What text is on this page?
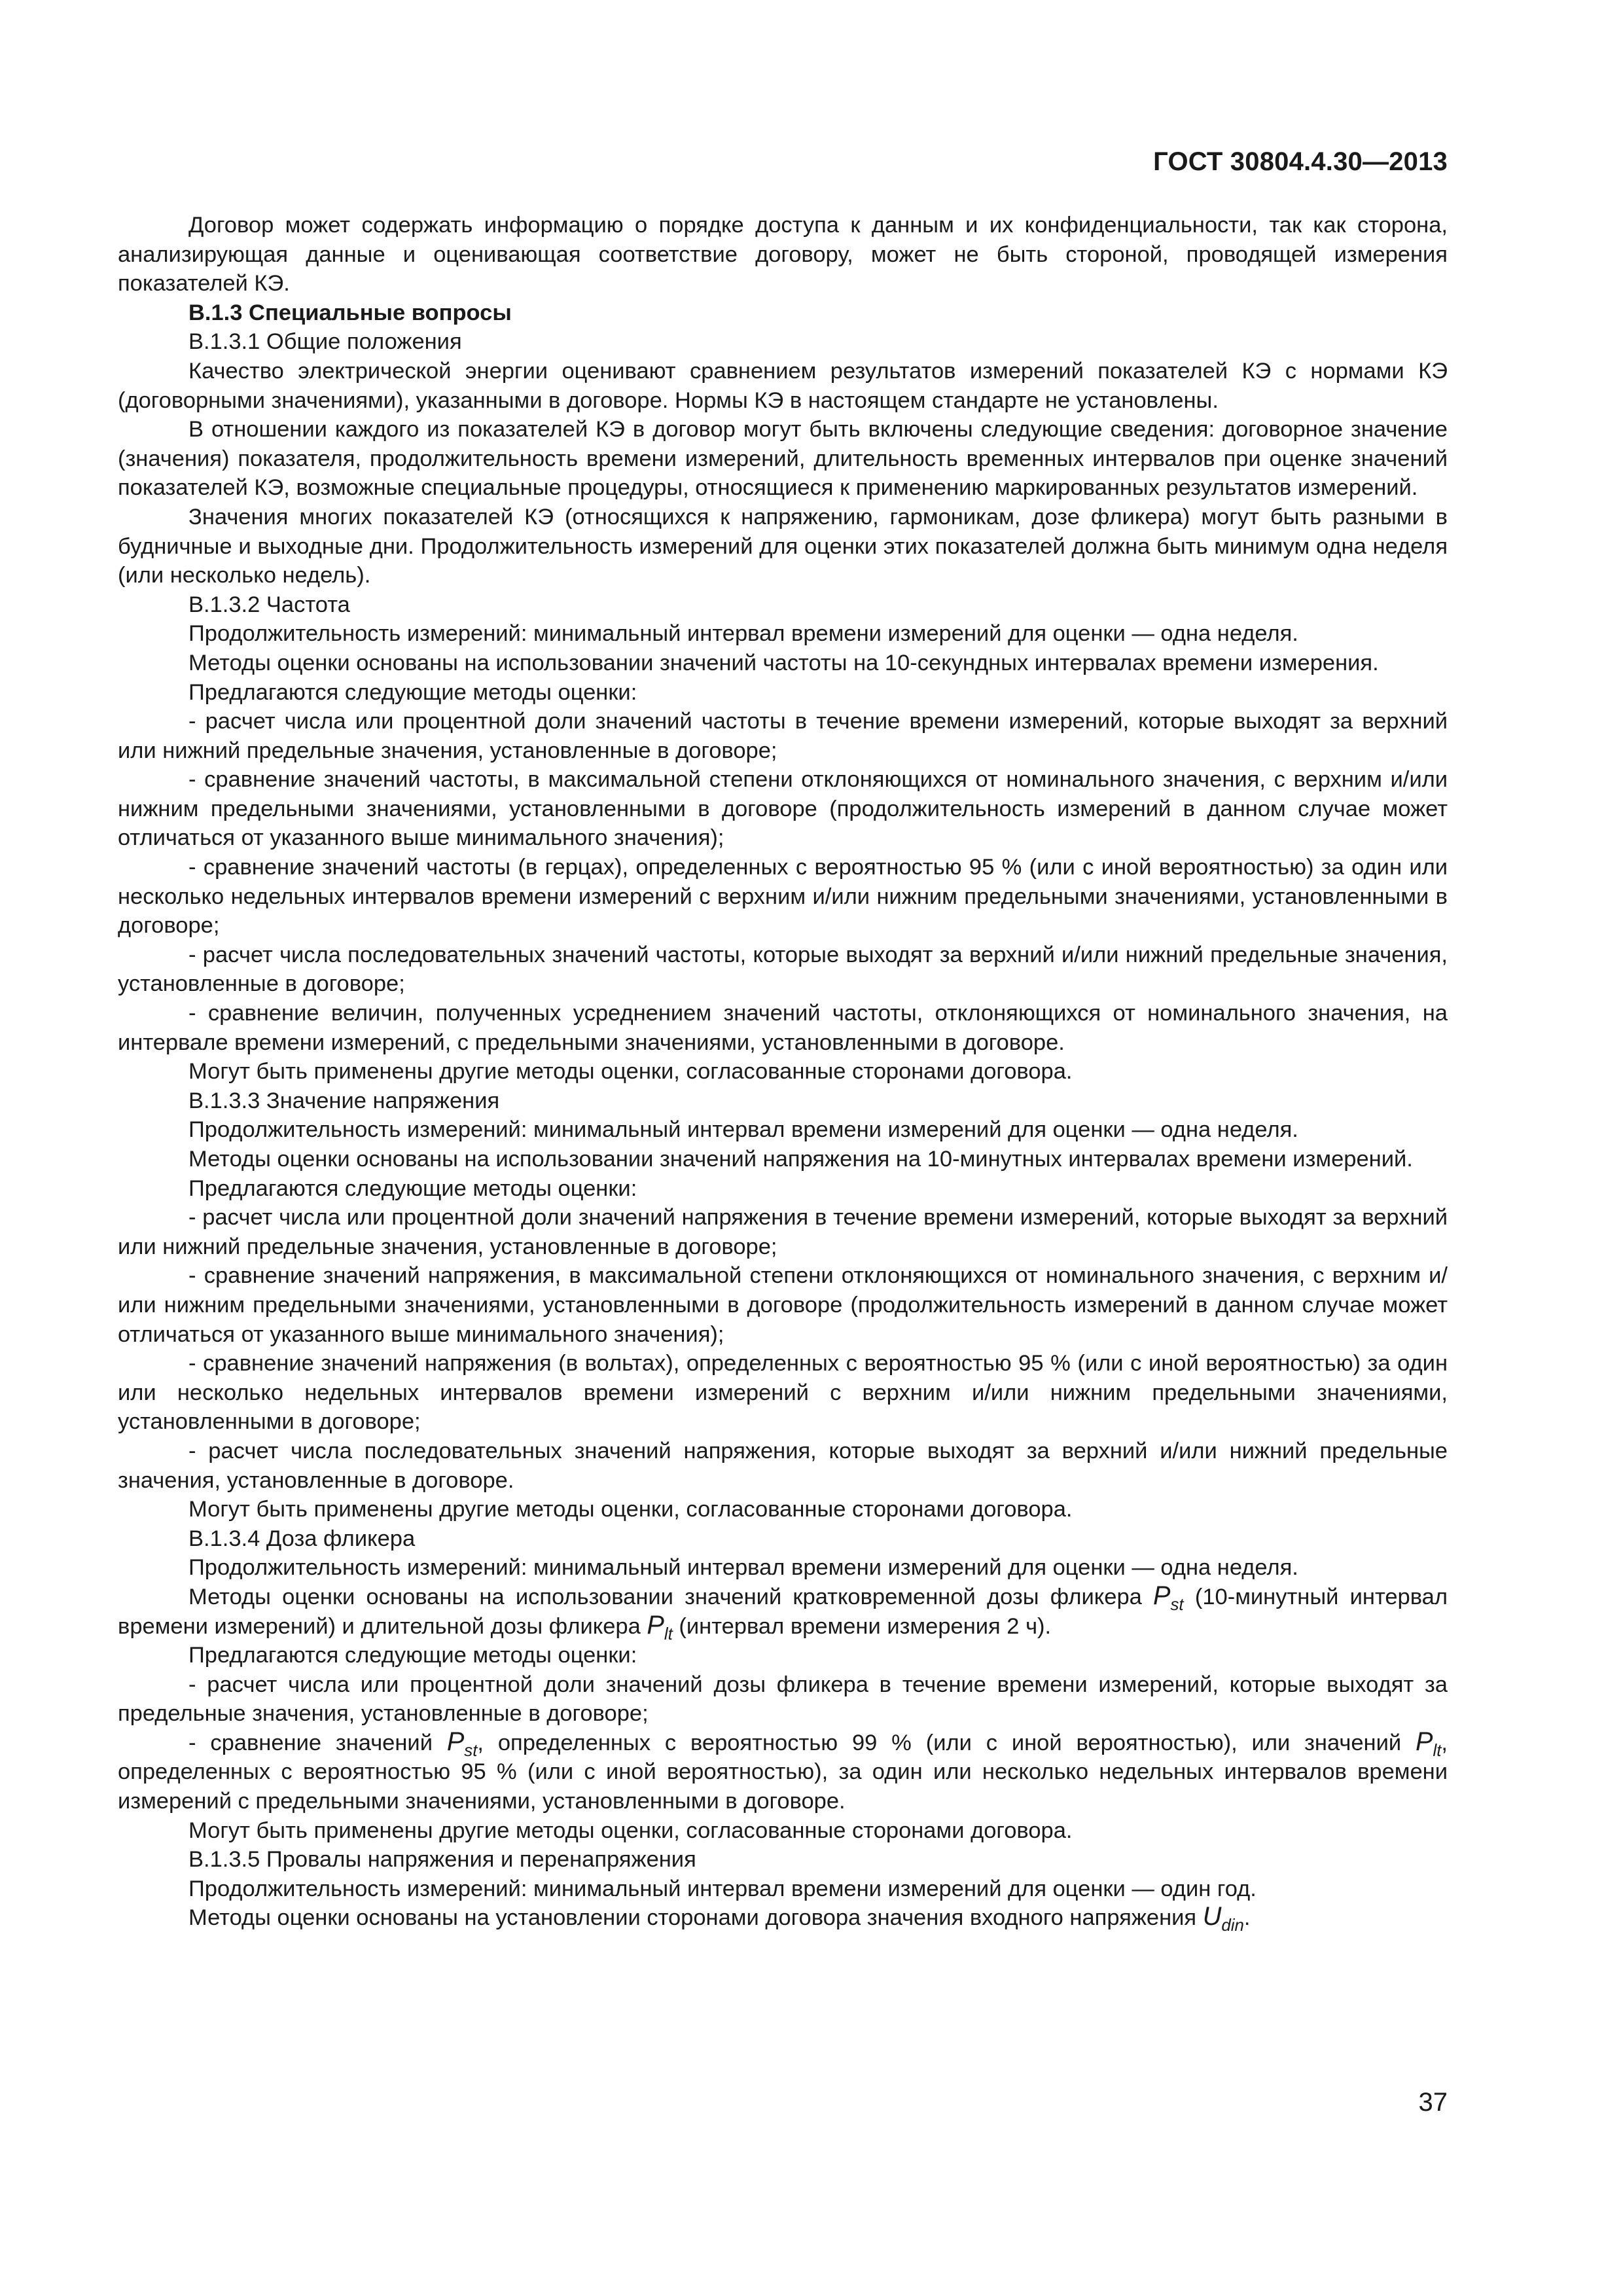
ГОСТ 30804.4.30—2013

Договор может содержать информацию о порядке доступа к данным и их конфиденциальности, так как сторона, анализирующая данные и оценивающая соответствие договору, может не быть стороной, проводящей измерения показателей КЭ.

В.1.3 Специальные вопросы

В.1.3.1 Общие положения

Качество электрической энергии оценивают сравнением результатов измерений показателей КЭ с нормами КЭ (договорными значениями), указанными в договоре. Нормы КЭ в настоящем стандарте не установлены.

В отношении каждого из показателей КЭ в договор могут быть включены следующие сведения: договорное значение (значения) показателя, продолжительность времени измерений, длительность временных интервалов при оценке значений показателей КЭ, возможные специальные процедуры, относящиеся к применению маркированных результатов измерений.

Значения многих показателей КЭ (относящихся к напряжению, гармоникам, дозе фликера) могут быть разными в будничные и выходные дни. Продолжительность измерений для оценки этих показателей должна быть минимум одна неделя (или несколько недель).

В.1.3.2 Частота

Продолжительность измерений: минимальный интервал времени измерений для оценки — одна неделя.

Методы оценки основаны на использовании значений частоты на 10-секундных интервалах времени измерения.

Предлагаются следующие методы оценки:

- расчет числа или процентной доли значений частоты в течение времени измерений, которые выходят за верхний или нижний предельные значения, установленные в договоре;

- сравнение значений частоты, в максимальной степени отклоняющихся от номинального значения, с верхним и/или нижним предельными значениями, установленными в договоре (продолжительность измерений в данном случае может отличаться от указанного выше минимального значения);

- сравнение значений частоты (в герцах), определенных с вероятностью 95 % (или с иной вероятностью) за один или несколько недельных интервалов времени измерений с верхним и/или нижним предельными значениями, установленными в договоре;

- расчет числа последовательных значений частоты, которые выходят за верхний и/или нижний предельные значения, установленные в договоре;

- сравнение величин, полученных усреднением значений частоты, отклоняющихся от номинального значения, на интервале времени измерений, с предельными значениями, установленными в договоре.

Могут быть применены другие методы оценки, согласованные сторонами договора.

В.1.3.3 Значение напряжения

Продолжительность измерений: минимальный интервал времени измерений для оценки — одна неделя.

Методы оценки основаны на использовании значений напряжения на 10-минутных интервалах времени измерений.

Предлагаются следующие методы оценки:

- расчет числа или процентной доли значений напряжения в течение времени измерений, которые выходят за верхний или нижний предельные значения, установленные в договоре;

- сравнение значений напряжения, в максимальной степени отклоняющихся от номинального значения, с верхним и/или нижним предельными значениями, установленными в договоре (продолжительность измерений в данном случае может отличаться от указанного выше минимального значения);

- сравнение значений напряжения (в вольтах), определенных с вероятностью 95 % (или с иной вероятностью) за один или несколько недельных интервалов времени измерений с верхним и/или нижним предельными значениями, установленными в договоре;

- расчет числа последовательных значений напряжения, которые выходят за верхний и/или нижний предельные значения, установленные в договоре.

Могут быть применены другие методы оценки, согласованные сторонами договора.

В.1.3.4 Доза фликера

Продолжительность измерений: минимальный интервал времени измерений для оценки — одна неделя.

Методы оценки основаны на использовании значений кратковременной дозы фликера $P_{st}$ (10-минутный интервал времени измерений) и длительной дозы фликера $P_{lt}$ (интервал времени измерения 2 ч).

Предлагаются следующие методы оценки:

- расчет числа или процентной доли значений дозы фликера в течение времени измерений, которые выходят за предельные значения, установленные в договоре;

- сравнение значений $P_{st}$, определенных с вероятностью 99 % (или с иной вероятностью), или значений $P_{lt}$, определенных с вероятностью 95 % (или с иной вероятностью), за один или несколько недельных интервалов времени измерений с предельными значениями, установленными в договоре.

Могут быть применены другие методы оценки, согласованные сторонами договора.

В.1.3.5 Провалы напряжения и перенапряжения

Продолжительность измерений: минимальный интервал времени измерений для оценки — один год.

Методы оценки основаны на установлении сторонами договора значения входного напряжения $U_{din}$.

37
